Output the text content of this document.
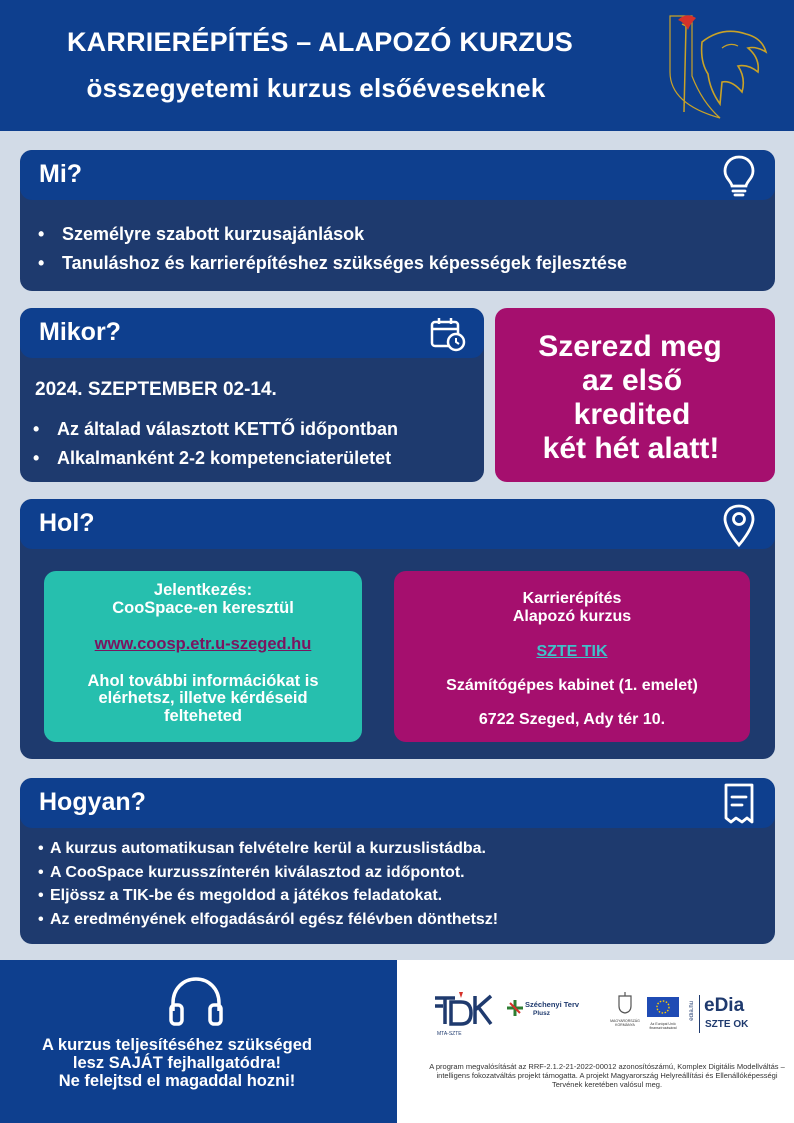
KARRIERÉPÍTÉS – ALAPOZÓ KURZUS
összegyetemi kurzus elsőéveseknek
Mi?
• Személyre szabott kurzusajánlások
• Tanuláshoz és karrierépítéshez szükséges képességek fejlesztése
Mikor?
2024. SZEPTEMBER 02-14.
• Az általad választott KETTŐ időpontban
• Alkalmanként 2-2 kompetenciaterületet
Szerezd meg
az első
kredited
két hét alatt!
Hol?
Jelentkezés:
CooSpace-en keresztül
www.coosp.etr.u-szeged.hu
Ahol további információkat is
elérhetsz, illetve kérdéseid
felteheted
Karrierépítés
Alapozó kurzus
SZTE TIK
Számítógépes kabinet (1. emelet)
6722 Szeged, Ady tér 10.
Hogyan?
• A kurzus automatikusan felvételre kerül a kurzuslistádba.
• A CooSpace kurzusszínterén kiválasztod az időpontot.
• Eljössz a TIK-be és megoldod a játékos feladatokat.
• Az eredményének elfogadásáról egész félévben dönthetsz!
A kurzus teljesítéséhez szükséged
lesz SAJÁT fejhallgatódra!
Ne felejtsd el magaddal hozni!
MTA-SZTE
Széchenyi Terv
Plusz
MAGYARORSZÁG KORMÁNYA	Az Európai Unió finanszírozásával
edia.hu eDia
SZTE OK
A program megvalósítását az RRF-2.1.2-21-2022-00012 azonosítószámú, Komplex Digitális Modellváltás – intelligens fokozatváltás projekt támogatta. A projekt Magyarország Helyreállítási és Ellenállóképességi Tervének keretében valósul meg.
